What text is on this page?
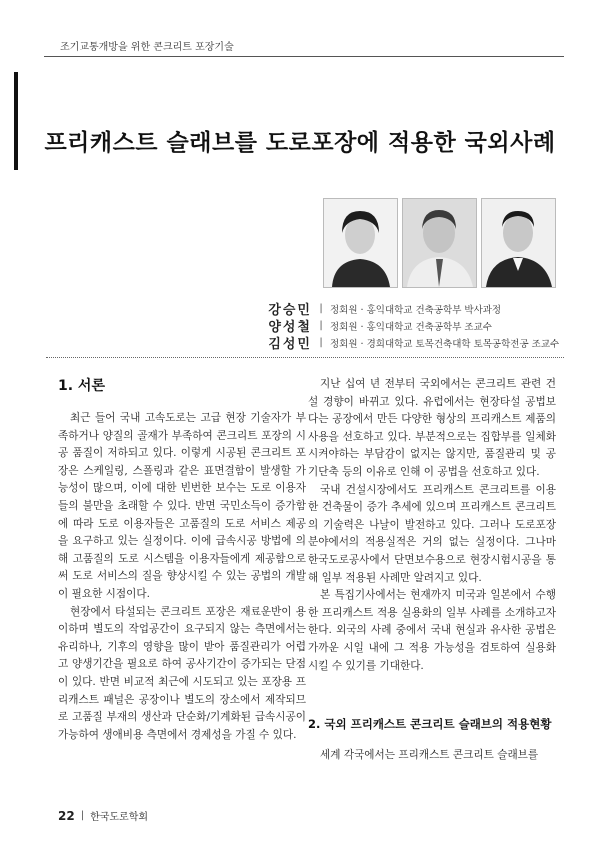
조기교통개방을 위한 콘크리트 포장기술
프리캐스트 슬래브를 도로포장에 적용한 국외사례
강승민 | 정회원 · 홍익대학교 건축공학부 박사과정
양성철 | 정회원 · 홍익대학교 건축공학부 조교수
김성민 | 정회원 · 경희대학교 토목건축대학 토목공학전공 조교수
1. 서론

최근 들어 국내 고속도로는 고급 현장 기술자가 부족하거나 양질의 골재가 부족하여 콘크리트 포장의 시공 품질이 저하되고 있다. 이렇게 시공된 콘크리트 포장은 스케일링, 스폴링과 같은 표면결함이 발생할 가능성이 많으며, 이에 대한 빈번한 보수는 도로 이용자들의 불만을 초래할 수 있다. 반면 국민소득이 증가함에 따라 도로 이용자들은 고품질의 도로 서비스 제공을 요구하고 있는 실정이다. 이에 급속시공 방법에 의해 고품질의 도로 시스템을 이용자들에게 제공함으로써 도로 서비스의 질을 향상시킬 수 있는 공법의 개발이 필요한 시점이다.

현장에서 타설되는 콘크리트 포장은 재료운반이 용이하며 별도의 작업공간이 요구되지 않는 측면에서는 유리하나, 기후의 영향을 많이 받아 품질관리가 어렵고 양생기간을 필요로 하여 공사기간이 증가되는 단점이 있다. 반면 비교적 최근에 시도되고 있는 포장용 프리캐스트 패널은 공장이나 별도의 장소에서 제작되므로 고품질 부재의 생산과 단순화/기계화된 급속시공이 가능하여 생애비용 측면에서 경제성을 가질 수 있다.

지난 십여 년 전부터 국외에서는 콘크리트 관련 건설 경향이 바뀌고 있다. 유럽에서는 현장타설 공법보다는 공장에서 만든 다양한 형상의 프리캐스트 제품의 사용을 선호하고 있다. 부분적으로는 집합부를 일체화시켜야하는 부담감이 없지는 않지만, 품질관리 및 공기단축 등의 이유로 인해 이 공법을 선호하고 있다.

국내 건설시장에서도 프리캐스트 콘크리트를 이용한 건축물이 증가 추세에 있으며 프리캐스트 콘크리트의 기술력은 나날이 발전하고 있다. 그러나 도로포장 분야에서의 적용실적은 거의 없는 실정이다. 그나마 한국도로공사에서 단면보수용으로 현장시험시공을 통해 일부 적용된 사례만 알려지고 있다.

본 특집기사에서는 현재까지 미국과 일본에서 수행한 프리캐스트 적용 실용화의 일부 사례를 소개하고자 한다. 외국의 사례 중에서 국내 현실과 유사한 공법은 가까운 시일 내에 그 적용 가능성을 검토하여 실용화시킬 수 있기를 기대한다.

2. 국외 프리캐스트 콘크리트 슬래브의 적용현황

세계 각국에서는 프리캐스트 콘크리트 슬래브를

22 | 한국도로학회
